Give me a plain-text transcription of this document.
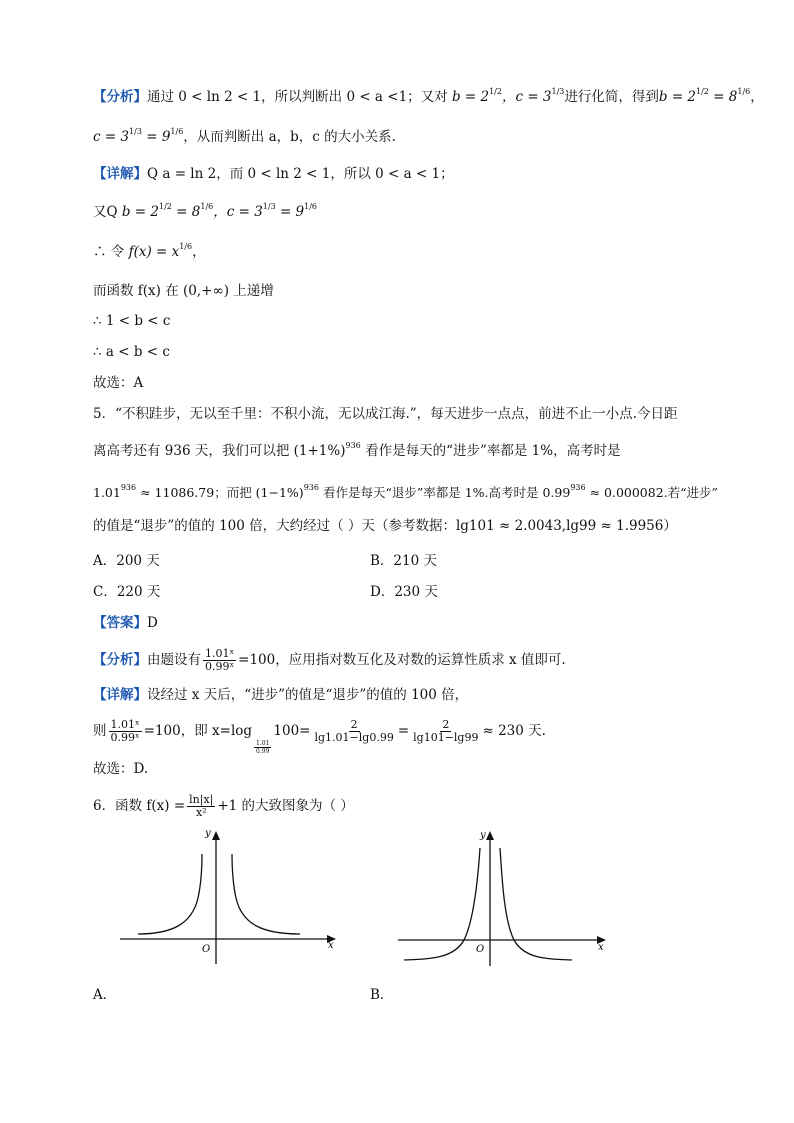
【分析】通过 0 < ln 2 < 1，所以判断出 0 < a <1；又对 $b = 2^{1/2}$，$c = 3^{1/3}$进行化简，得到$b = 2^{1/2} = 8^{1/6}$，
$c = 3^{1/3} = 9^{1/6}$，从而判断出 a，b，c 的大小关系.
【详解】Q a = ln 2，而 0 < ln 2 < 1，所以 0 < a < 1；
又Q $b = 2^{1/2} = 8^{1/6}$，$c = 3^{1/3} = 9^{1/6}$
∴ 令 $f(x) = x^{1/6}$，
而函数 f(x) 在 (0,+∞) 上递增
∴ 1 < b < c
∴ a < b < c
故选：A
5．“不积跬步，无以至千里：不积小流，无以成江海.”，每天进步一点点，前进不止一小点.今日距
离高考还有 936 天，我们可以把 $(1+1\%)^{936}$ 看作是每天的“进步”率都是 1%，高考时是
$1.01^{936} \approx 11086.79$；而把 $(1-1\%)^{936}$ 看作是每天“退步”率都是 1%.高考时是 $0.99^{936} \approx 0.000082$.若“进步”
的值是“退步”的值的 100 倍，大约经过（ ）天（参考数据：lg101 ≈ 2.0043,lg99 ≈ 1.9956）
A．200 天	B．210 天
C．220 天	D．230 天
【答案】D
【分析】由题设有 $\frac{\text{1.01ˣ}}{\text{0.99ˣ}} =100$，应用指对数互化及对数的运算性质求 x 值即可.
【详解】设经过 x 天后，“进步”的值是“退步”的值的 100 倍，
则 $\frac{\text{1.01ˣ}}{\text{0.99ˣ}} =100$，即 x=log
$\frac{1.01}{0.99}$
$100= \frac{2}{\lg 1.01-\lg 0.99} = \frac{2}{\lg 101-\lg 99} \approx 230$ 天.
故选：D.
6．函数 $f(x) = \frac{\ln|x|}{\text{x²}} +1$ 的大致图象为（ ）
y
x
O
A．
y
x
O
B．
